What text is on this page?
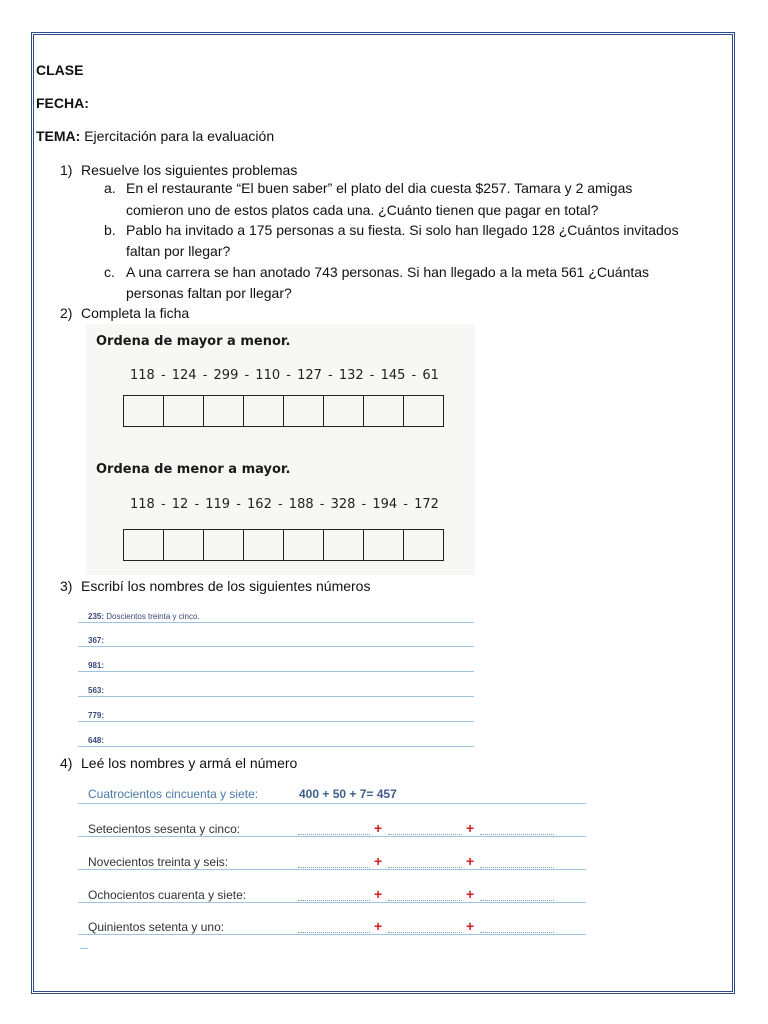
CLASE
FECHA:
TEMA: Ejercitación para la evaluación
1) Resuelve los siguientes problemas
a. En el restaurante “El buen saber” el plato del dia cuesta $257. Tamara y 2 amigas
comieron uno de estos platos cada una. ¿Cuánto tienen que pagar en total?
b. Pablo ha invitado a 175 personas a su fiesta. Si solo han llegado 128 ¿Cuántos invitados
faltan por llegar?
c. A una carrera se han anotado 743 personas. Si han llegado a la meta 561 ¿Cuántas
personas faltan por llegar?
2) Completa la ficha
Ordena de mayor a menor.
118 - 124 - 299 - 110 - 127 - 132 - 145 - 61
Ordena de menor a mayor.
118 - 12 - 119 - 162 - 188 - 328 - 194 - 172
3) Escribí los nombres de los siguientes números
235: Doscientos treinta y cinco.
367:
981:
563:
779:
648:
4) Leé los nombres y armá el número
Cuatrocientos cincuenta y siete:	400 + 50 + 7= 457
Setecientos sesenta y cinco:	+	+
Novecientos treinta y seis:	+	+
Ochocientos cuarenta y siete:	+	+
Quinientos setenta y uno:	+	+
